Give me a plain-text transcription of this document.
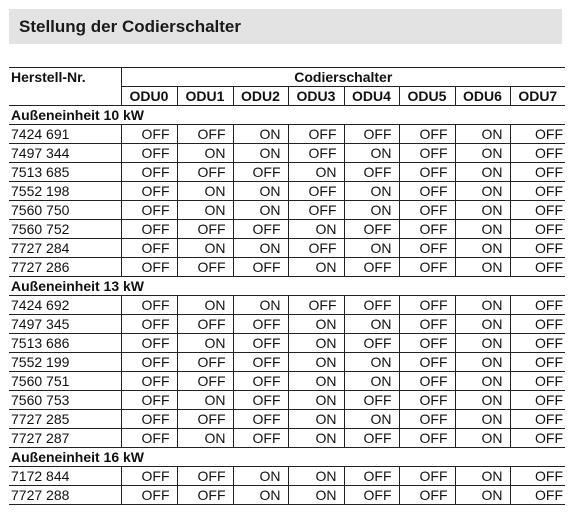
Stellung der Codierschalter
Herstell-Nr.	Codierschalter							
	ODU0	ODU1	ODU2	ODU3	ODU4	ODU5	ODU6	ODU7
Außeneinheit 10 kW								
7424 691	OFF	OFF	ON	OFF	OFF	OFF	ON	OFF
7497 344	OFF	ON	ON	OFF	ON	OFF	ON	OFF
7513 685	OFF	OFF	OFF	ON	OFF	OFF	ON	OFF
7552 198	OFF	ON	ON	OFF	ON	OFF	ON	OFF
7560 750	OFF	ON	ON	OFF	ON	OFF	ON	OFF
7560 752	OFF	OFF	OFF	ON	OFF	OFF	ON	OFF
7727 284	OFF	ON	ON	OFF	ON	OFF	ON	OFF
7727 286	OFF	OFF	OFF	ON	OFF	OFF	ON	OFF
Außeneinheit 13 kW								
7424 692	OFF	ON	ON	OFF	OFF	OFF	ON	OFF
7497 345	OFF	OFF	OFF	ON	ON	OFF	ON	OFF
7513 686	OFF	ON	OFF	ON	OFF	OFF	ON	OFF
7552 199	OFF	OFF	OFF	ON	ON	OFF	ON	OFF
7560 751	OFF	OFF	OFF	ON	ON	OFF	ON	OFF
7560 753	OFF	ON	OFF	ON	OFF	OFF	ON	OFF
7727 285	OFF	OFF	OFF	ON	ON	OFF	ON	OFF
7727 287	OFF	ON	OFF	ON	OFF	OFF	ON	OFF
Außeneinheit 16 kW								
7172 844	OFF	OFF	ON	ON	OFF	OFF	ON	OFF
7727 288	OFF	OFF	ON	ON	OFF	OFF	ON	OFF
